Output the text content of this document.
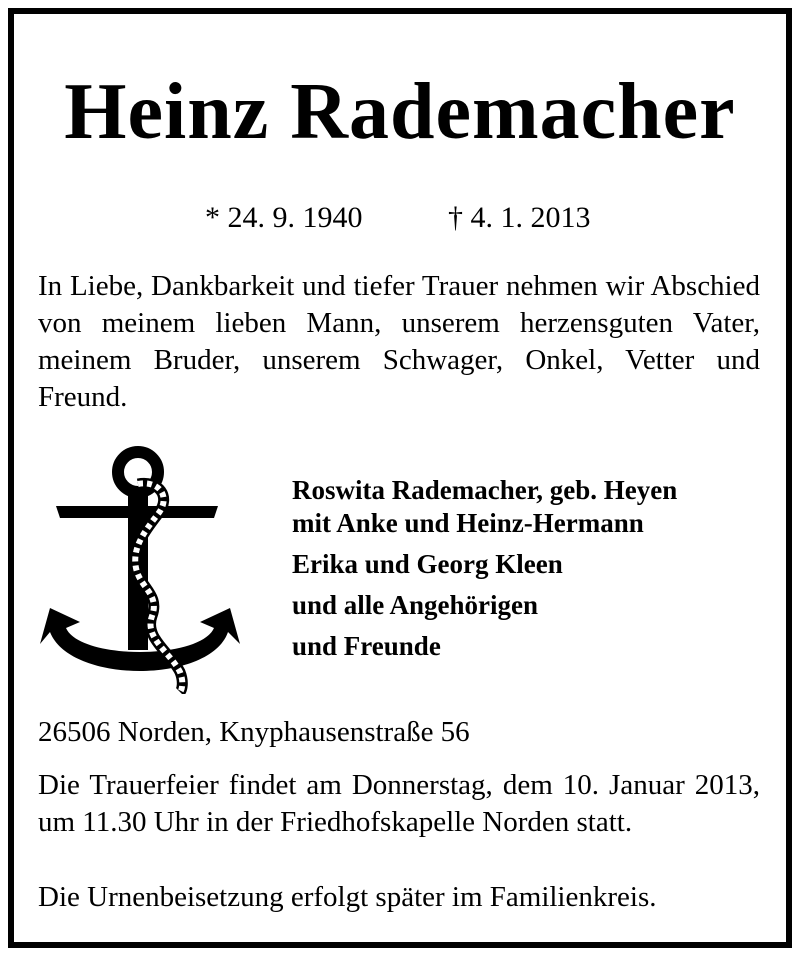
Heinz Rademacher
* 24. 9. 1940	† 4. 1. 2013
In Liebe, Dankbarkeit und tiefer Trauer nehmen wir Abschied von meinem lieben Mann, unserem herzensguten Vater, meinem Bruder, unserem Schwager, Onkel, Vetter und Freund.
Roswita Rademacher, geb. Heyen
mit Anke und Heinz-Hermann
Erika und Georg Kleen
und alle Angehörigen
und Freunde
26506 Norden, Knyphausenstraße 56
Die Trauerfeier findet am Donnerstag, dem 10. Januar 2013, um 11.30 Uhr in der Friedhofskapelle Norden statt.
Die Urnenbeisetzung erfolgt später im Familienkreis.
